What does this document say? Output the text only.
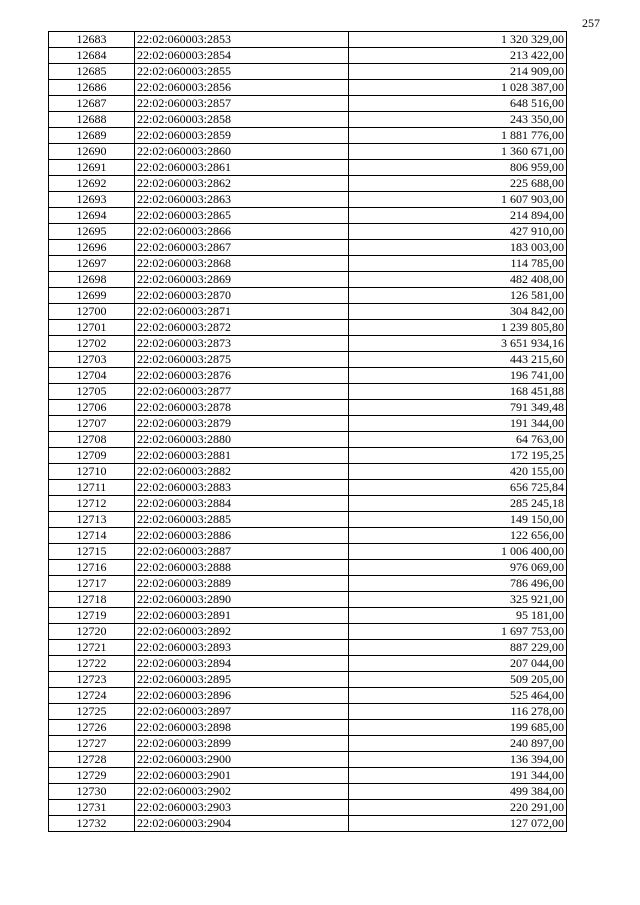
257
12683	22:02:060003:2853	1 320 329,00
12684	22:02:060003:2854	213 422,00
12685	22:02:060003:2855	214 909,00
12686	22:02:060003:2856	1 028 387,00
12687	22:02:060003:2857	648 516,00
12688	22:02:060003:2858	243 350,00
12689	22:02:060003:2859	1 881 776,00
12690	22:02:060003:2860	1 360 671,00
12691	22:02:060003:2861	806 959,00
12692	22:02:060003:2862	225 688,00
12693	22:02:060003:2863	1 607 903,00
12694	22:02:060003:2865	214 894,00
12695	22:02:060003:2866	427 910,00
12696	22:02:060003:2867	183 003,00
12697	22:02:060003:2868	114 785,00
12698	22:02:060003:2869	482 408,00
12699	22:02:060003:2870	126 581,00
12700	22:02:060003:2871	304 842,00
12701	22:02:060003:2872	1 239 805,80
12702	22:02:060003:2873	3 651 934,16
12703	22:02:060003:2875	443 215,60
12704	22:02:060003:2876	196 741,00
12705	22:02:060003:2877	168 451,88
12706	22:02:060003:2878	791 349,48
12707	22:02:060003:2879	191 344,00
12708	22:02:060003:2880	64 763,00
12709	22:02:060003:2881	172 195,25
12710	22:02:060003:2882	420 155,00
12711	22:02:060003:2883	656 725,84
12712	22:02:060003:2884	285 245,18
12713	22:02:060003:2885	149 150,00
12714	22:02:060003:2886	122 656,00
12715	22:02:060003:2887	1 006 400,00
12716	22:02:060003:2888	976 069,00
12717	22:02:060003:2889	786 496,00
12718	22:02:060003:2890	325 921,00
12719	22:02:060003:2891	95 181,00
12720	22:02:060003:2892	1 697 753,00
12721	22:02:060003:2893	887 229,00
12722	22:02:060003:2894	207 044,00
12723	22:02:060003:2895	509 205,00
12724	22:02:060003:2896	525 464,00
12725	22:02:060003:2897	116 278,00
12726	22:02:060003:2898	199 685,00
12727	22:02:060003:2899	240 897,00
12728	22:02:060003:2900	136 394,00
12729	22:02:060003:2901	191 344,00
12730	22:02:060003:2902	499 384,00
12731	22:02:060003:2903	220 291,00
12732	22:02:060003:2904	127 072,00
